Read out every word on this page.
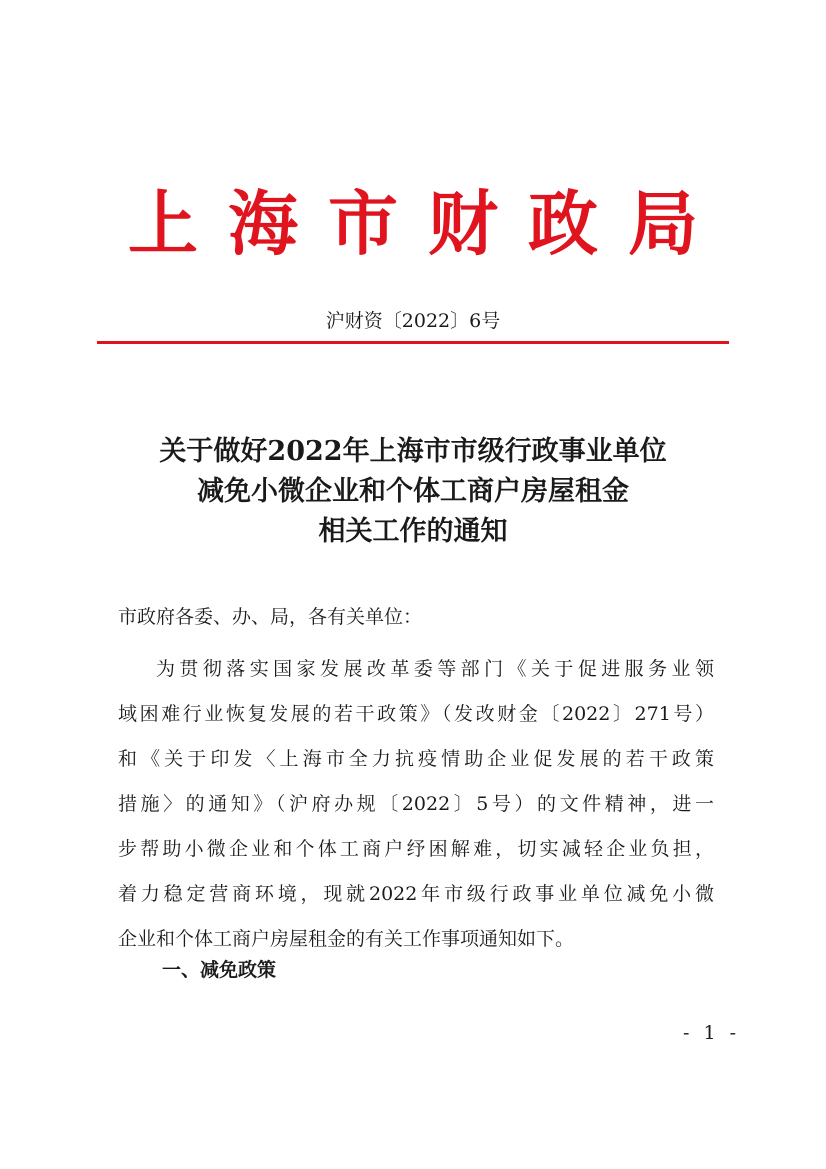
上海市财政局
沪财资〔2022〕6号
关于做好2022年上海市市级行政事业单位
减免小微企业和个体工商户房屋租金
相关工作的通知
市政府各委、办、局，各有关单位：
为贯彻落实国家发展改革委等部门《关于促进服务业领
域困难行业恢复发展的若干政策》（发改财金〔2022〕271号）
和《关于印发〈上海市全力抗疫情助企业促发展的若干政策
措施〉的通知》（沪府办规〔2022〕5号）的文件精神，进一
步帮助小微企业和个体工商户纾困解难，切实减轻企业负担，
着力稳定营商环境，现就2022年市级行政事业单位减免小微
企业和个体工商户房屋租金的有关工作事项通知如下。
一、减免政策
- 1 -
